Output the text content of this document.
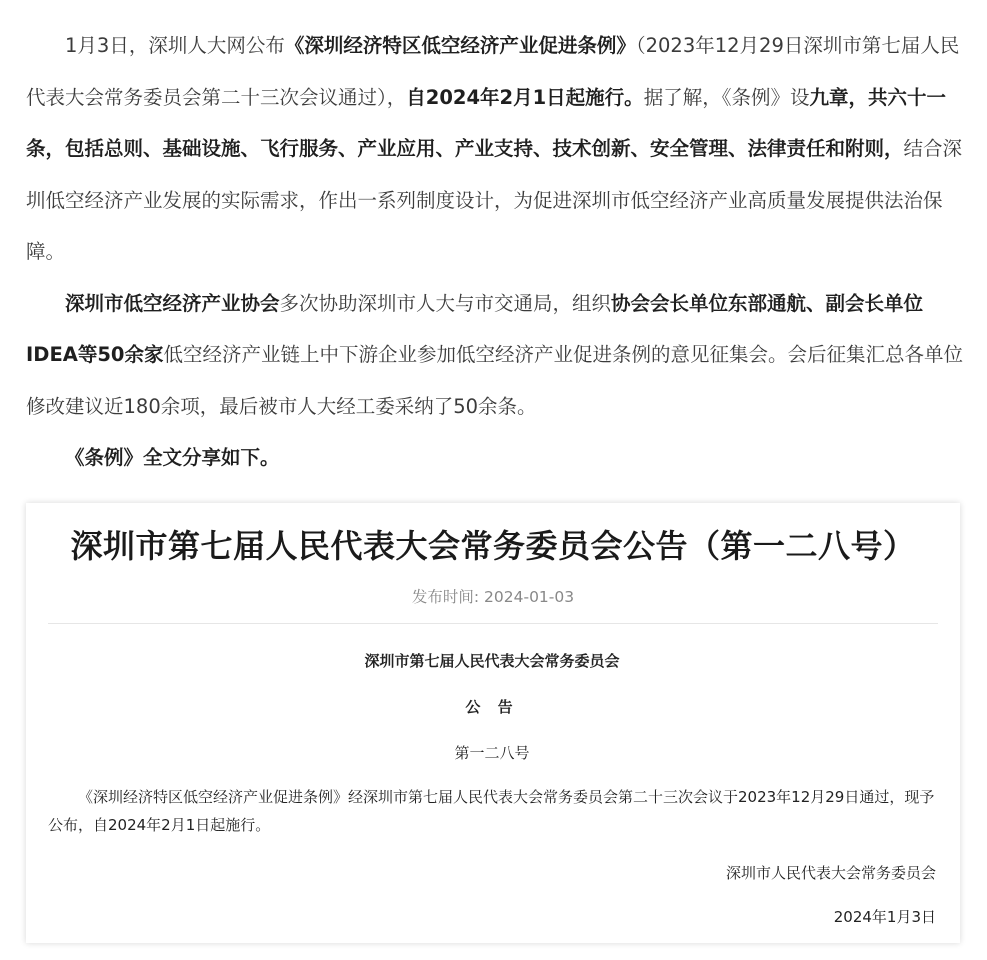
1月3日，深圳人大网公布《深圳经济特区低空经济产业促进条例》（2023年12月29日深圳市第七届人民代表大会常务委员会第二十三次会议通过），自2024年2月1日起施行。据了解，《条例》设九章，共六十一条，包括总则、基础设施、飞行服务、产业应用、产业支持、技术创新、安全管理、法律责任和附则，结合深圳低空经济产业发展的实际需求，作出一系列制度设计，为促进深圳市低空经济产业高质量发展提供法治保障。

深圳市低空经济产业协会多次协助深圳市人大与市交通局，组织协会会长单位东部通航、副会长单位IDEA等50余家低空经济产业链上中下游企业参加低空经济产业促进条例的意见征集会。会后征集汇总各单位修改建议近180余项，最后被市人大经工委采纳了50余条。

《条例》全文分享如下。

深圳市第七届人民代表大会常务委员会公告（第一二八号）
发布时间: 2024-01-03
深圳市第七届人民代表大会常务委员会
公 告
第一二八号
《深圳经济特区低空经济产业促进条例》经深圳市第七届人民代表大会常务委员会第二十三次会议于2023年12月29日通过，现予公布，自2024年2月1日起施行。
深圳市人民代表大会常务委员会
2024年1月3日
